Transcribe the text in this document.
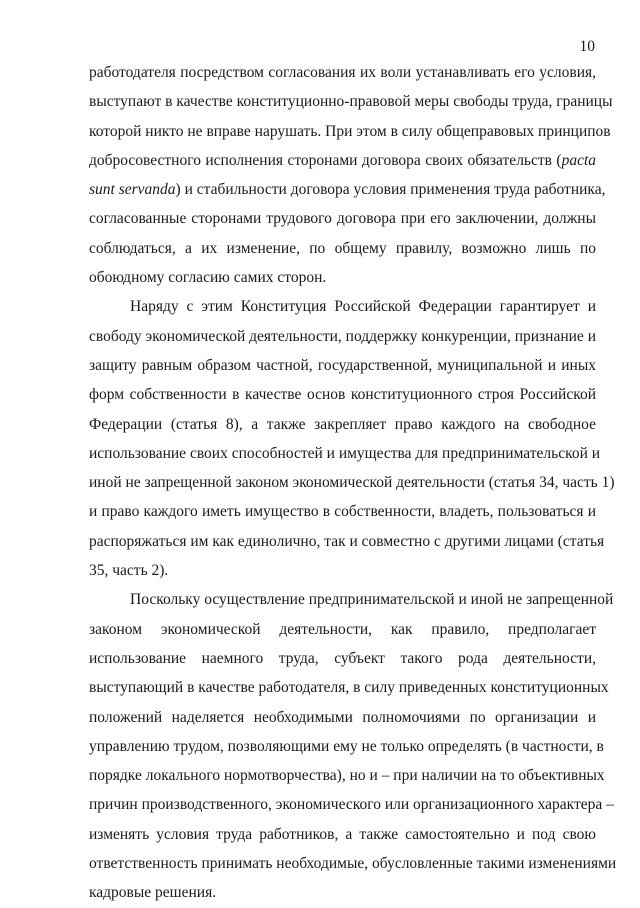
10
работодателя посредством согласования их воли устанавливать его условия,
выступают в качестве конституционно-правовой меры свободы труда, границы
которой никто не вправе нарушать. При этом в силу общеправовых принципов
добросовестного исполнения сторонами договора своих обязательств (pacta
sunt servanda) и стабильности договора условия применения труда работника,
согласованные сторонами трудового договора при его заключении, должны
соблюдаться, а их изменение, по общему правилу, возможно лишь по
обоюдному согласию самих сторон.
Наряду с этим Конституция Российской Федерации гарантирует и
свободу экономической деятельности, поддержку конкуренции, признание и
защиту равным образом частной, государственной, муниципальной и иных
форм собственности в качестве основ конституционного строя Российской
Федерации (статья 8), а также закрепляет право каждого на свободное
использование своих способностей и имущества для предпринимательской и
иной не запрещенной законом экономической деятельности (статья 34, часть 1)
и право каждого иметь имущество в собственности, владеть, пользоваться и
распоряжаться им как единолично, так и совместно с другими лицами (статья
35, часть 2).
Поскольку осуществление предпринимательской и иной не запрещенной
законом экономической деятельности, как правило, предполагает
использование наемного труда, субъект такого рода деятельности,
выступающий в качестве работодателя, в силу приведенных конституционных
положений наделяется необходимыми полномочиями по организации и
управлению трудом, позволяющими ему не только определять (в частности, в
порядке локального нормотворчества), но и – при наличии на то объективных
причин производственного, экономического или организационного характера –
изменять условия труда работников, а также самостоятельно и под свою
ответственность принимать необходимые, обусловленные такими изменениями
кадровые решения.
